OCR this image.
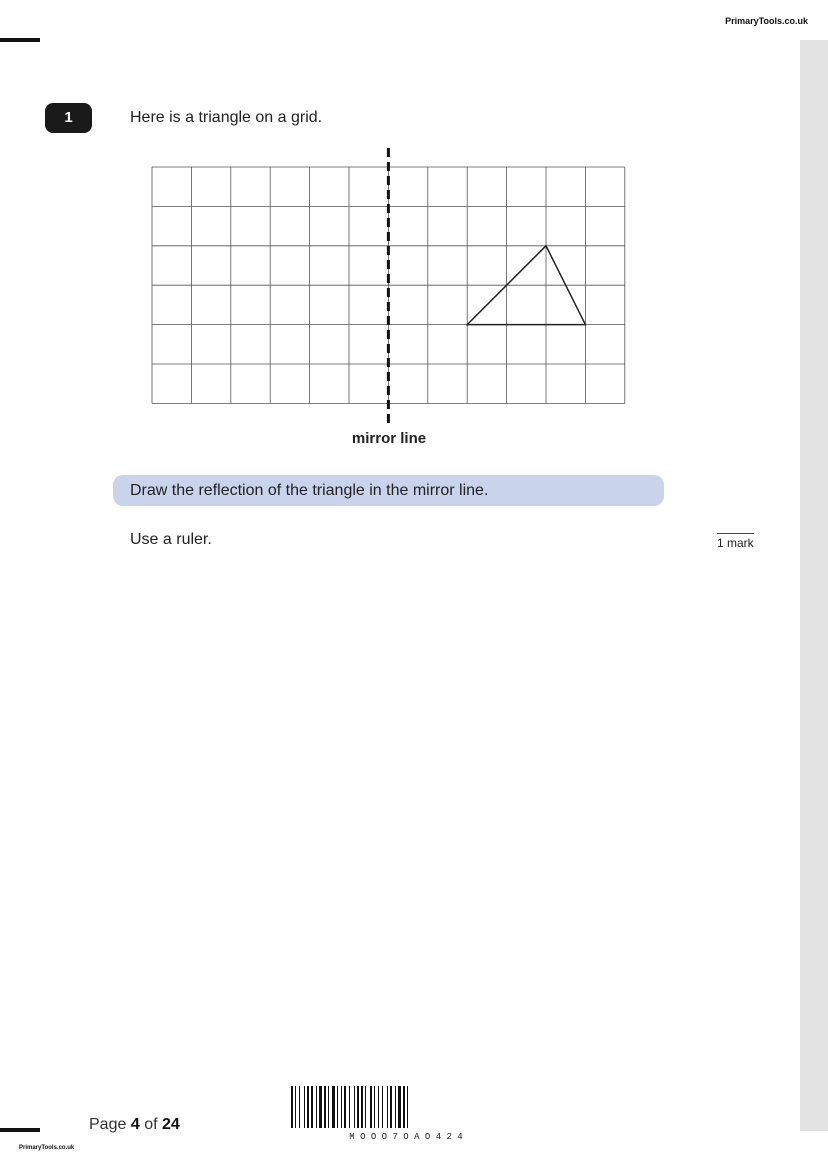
PrimaryTools.co.uk
1	Here is a triangle on a grid.
mirror line
Draw the reflection of the triangle in the mirror line.
Use a ruler.	1 mark
Page 4 of 24
M O O O 7 O A O 4 2 4
PrimaryTools.co.uk
